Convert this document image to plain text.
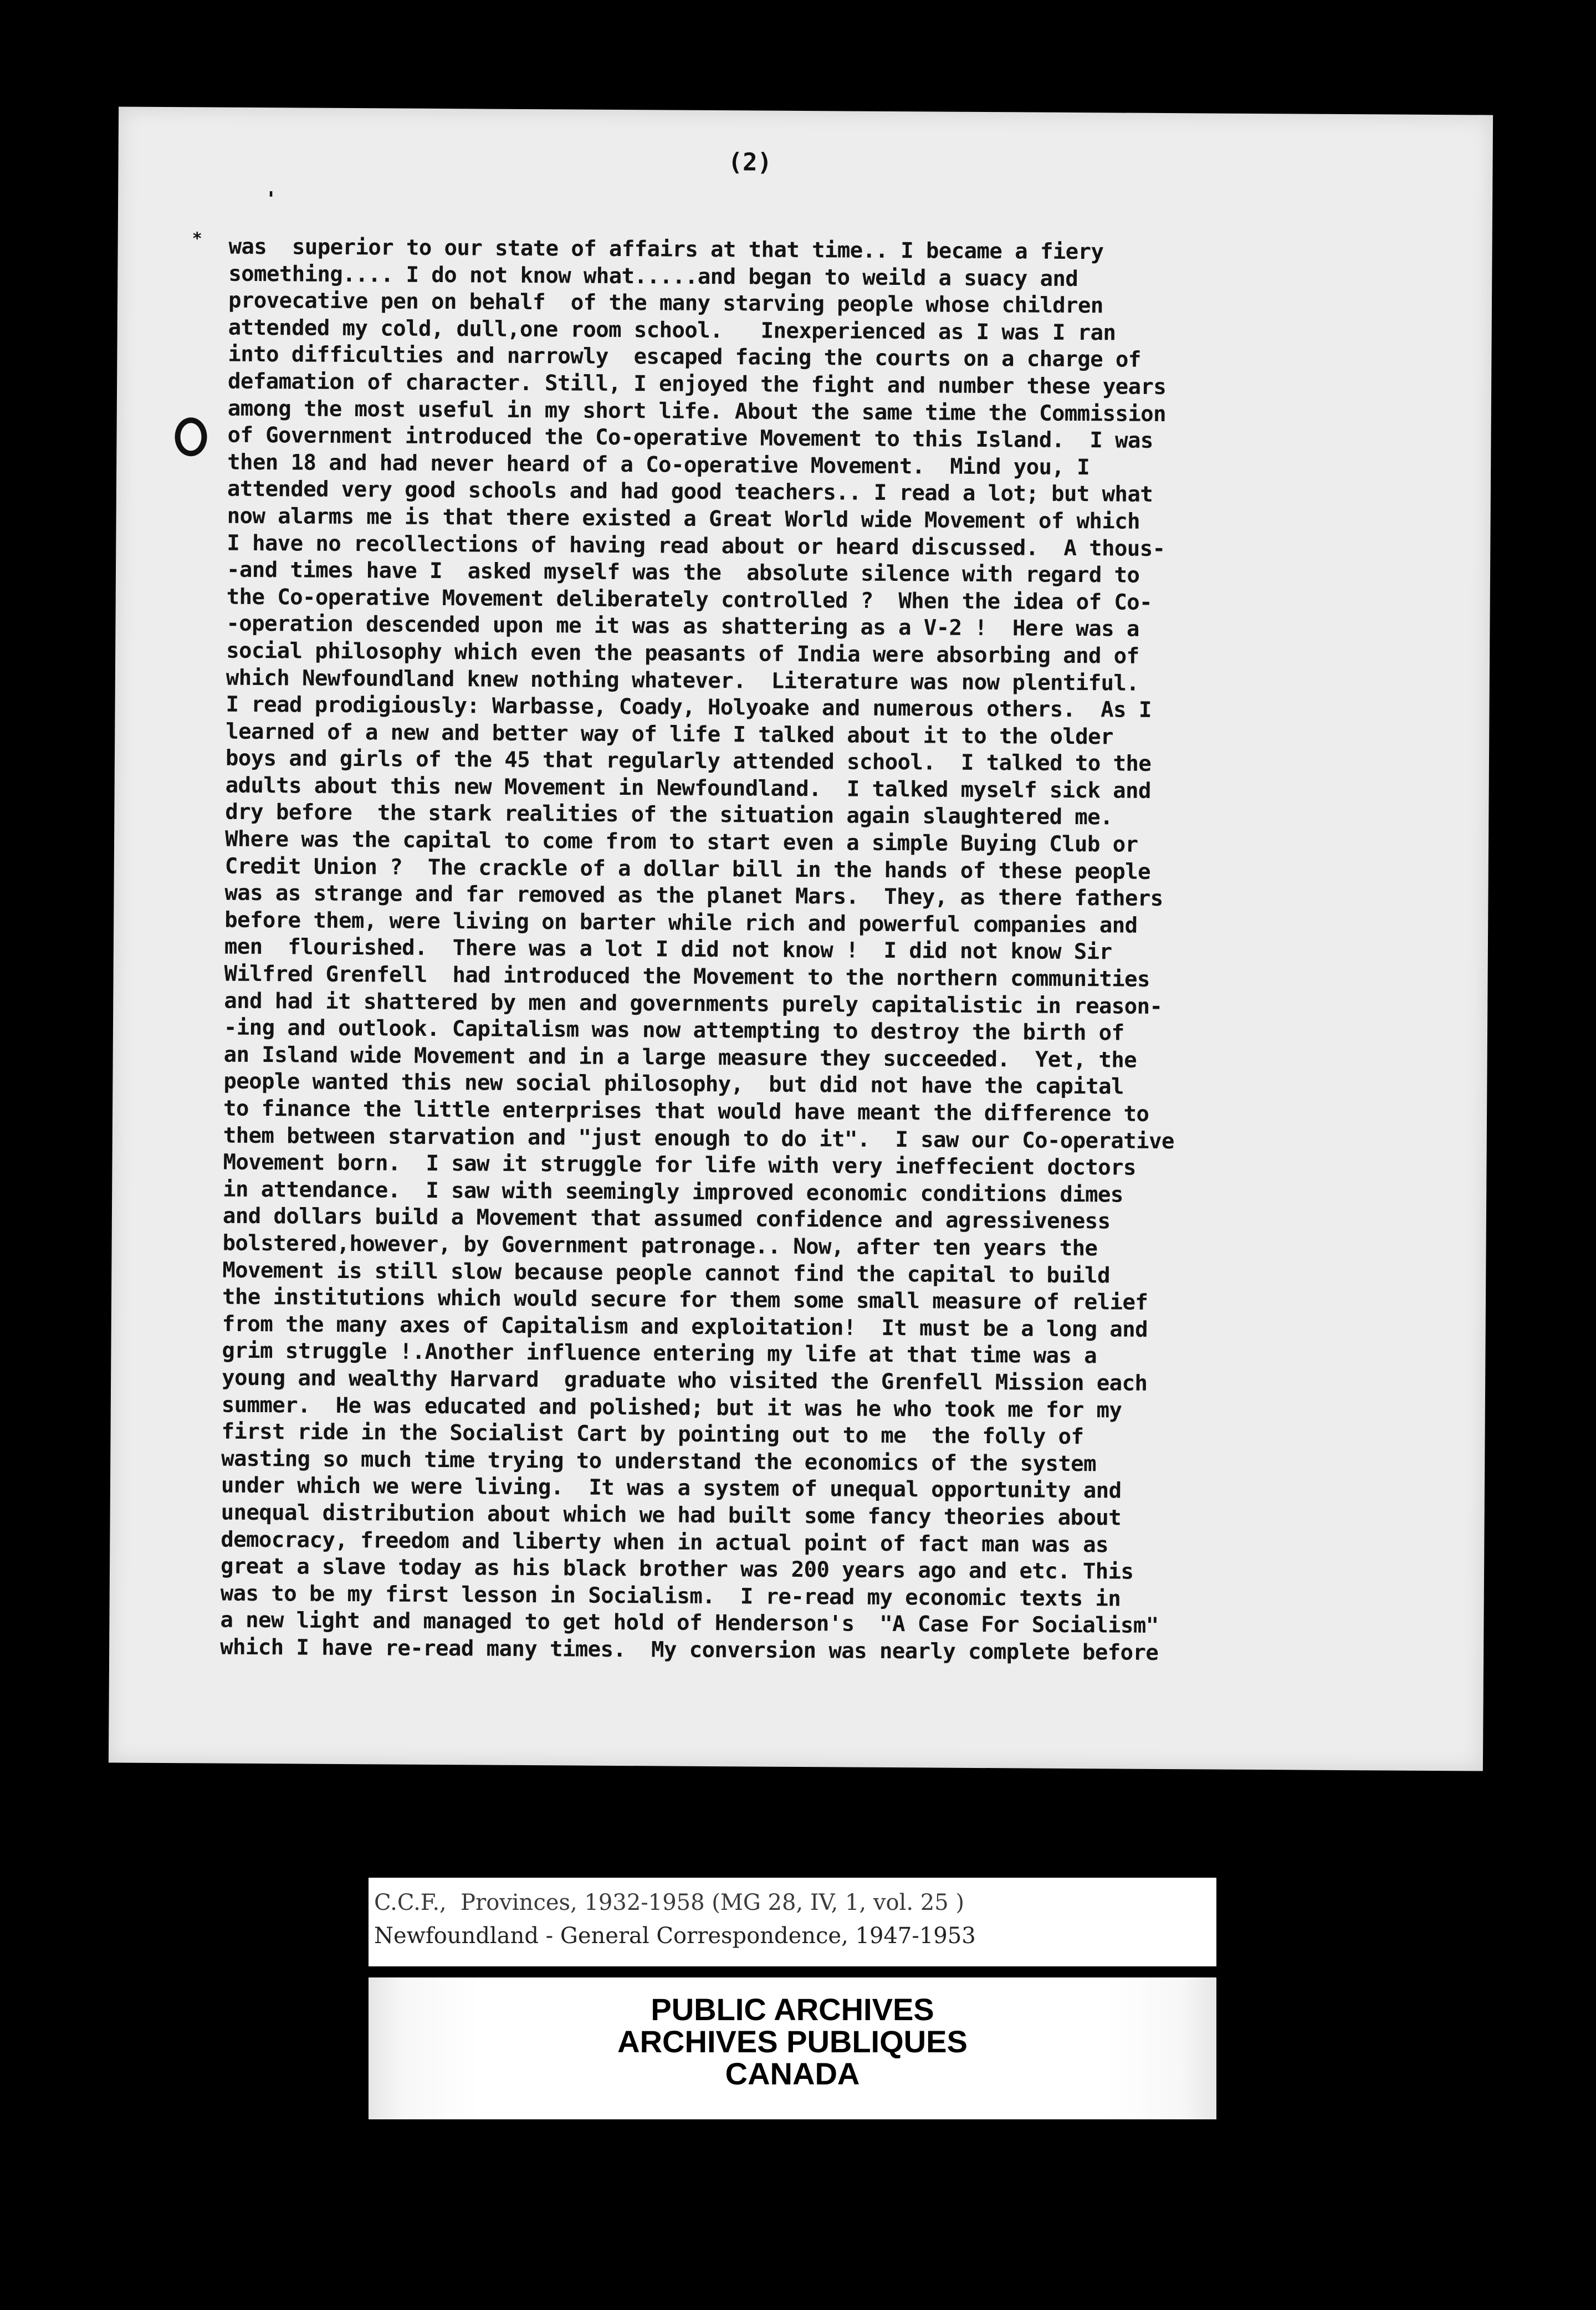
(2)
'
* was  superior to our state of affairs at that time.. I became a fiery
something.... I do not know what.....and began to weild a suacy and
provecative pen on behalf  of the many starving people whose children
attended my cold, dull,one room school.   Inexperienced as I was I ran
into difficulties and narrowly  escaped facing the courts on a charge of
defamation of character. Still, I enjoyed the fight and number these years
among the most useful in my short life. About the same time the Commission
of Government introduced the Co-operative Movement to this Island.  I was
then 18 and had never heard of a Co-operative Movement.  Mind you, I
attended very good schools and had good teachers.. I read a lot; but what
now alarms me is that there existed a Great World wide Movement of which
I have no recollections of having read about or heard discussed.  A thous-
-and times have I  asked myself was the  absolute silence with regard to
the Co-operative Movement deliberately controlled ?  When the idea of Co-
-operation descended upon me it was as shattering as a V-2 !  Here was a
social philosophy which even the peasants of India were absorbing and of
which Newfoundland knew nothing whatever.  Literature was now plentiful.
I read prodigiously: Warbasse, Coady, Holyoake and numerous others.  As I
learned of a new and better way of life I talked about it to the older
boys and girls of the 45 that regularly attended school.  I talked to the
adults about this new Movement in Newfoundland.  I talked myself sick and
dry before  the stark realities of the situation again slaughtered me.
Where was the capital to come from to start even a simple Buying Club or
Credit Union ?  The crackle of a dollar bill in the hands of these people
was as strange and far removed as the planet Mars.  They, as there fathers
before them, were living on barter while rich and powerful companies and
men  flourished.  There was a lot I did not know !  I did not know Sir
Wilfred Grenfell  had introduced the Movement to the northern communities
and had it shattered by men and governments purely capitalistic in reason-
-ing and outlook. Capitalism was now attempting to destroy the birth of
an Island wide Movement and in a large measure they succeeded.  Yet, the
people wanted this new social philosophy,  but did not have the capital
to finance the little enterprises that would have meant the difference to
them between starvation and "just enough to do it".  I saw our Co-operative
Movement born.  I saw it struggle for life with very ineffecient doctors
in attendance.  I saw with seemingly improved economic conditions dimes
and dollars build a Movement that assumed confidence and agressiveness
bolstered,however, by Government patronage.. Now, after ten years the
Movement is still slow because people cannot find the capital to build
the institutions which would secure for them some small measure of relief
from the many axes of Capitalism and exploitation!  It must be a long and
grim struggle !.Another influence entering my life at that time was a
young and wealthy Harvard  graduate who visited the Grenfell Mission each
summer.  He was educated and polished; but it was he who took me for my
first ride in the Socialist Cart by pointing out to me  the folly of
wasting so much time trying to understand the economics of the system
under which we were living.  It was a system of unequal opportunity and
unequal distribution about which we had built some fancy theories about
democracy, freedom and liberty when in actual point of fact man was as
great a slave today as his black brother was 200 years ago and etc. This
was to be my first lesson in Socialism.  I re-read my economic texts in
a new light and managed to get hold of Henderson's  "A Case For Socialism"
which I have re-read many times.  My conversion was nearly complete before
C.C.F.,  Provinces, 1932-1958 (MG 28, IV, 1, vol. 25 )
Newfoundland - General Correspondence, 1947-1953
PUBLIC ARCHIVES
ARCHIVES PUBLIQUES
CANADA
